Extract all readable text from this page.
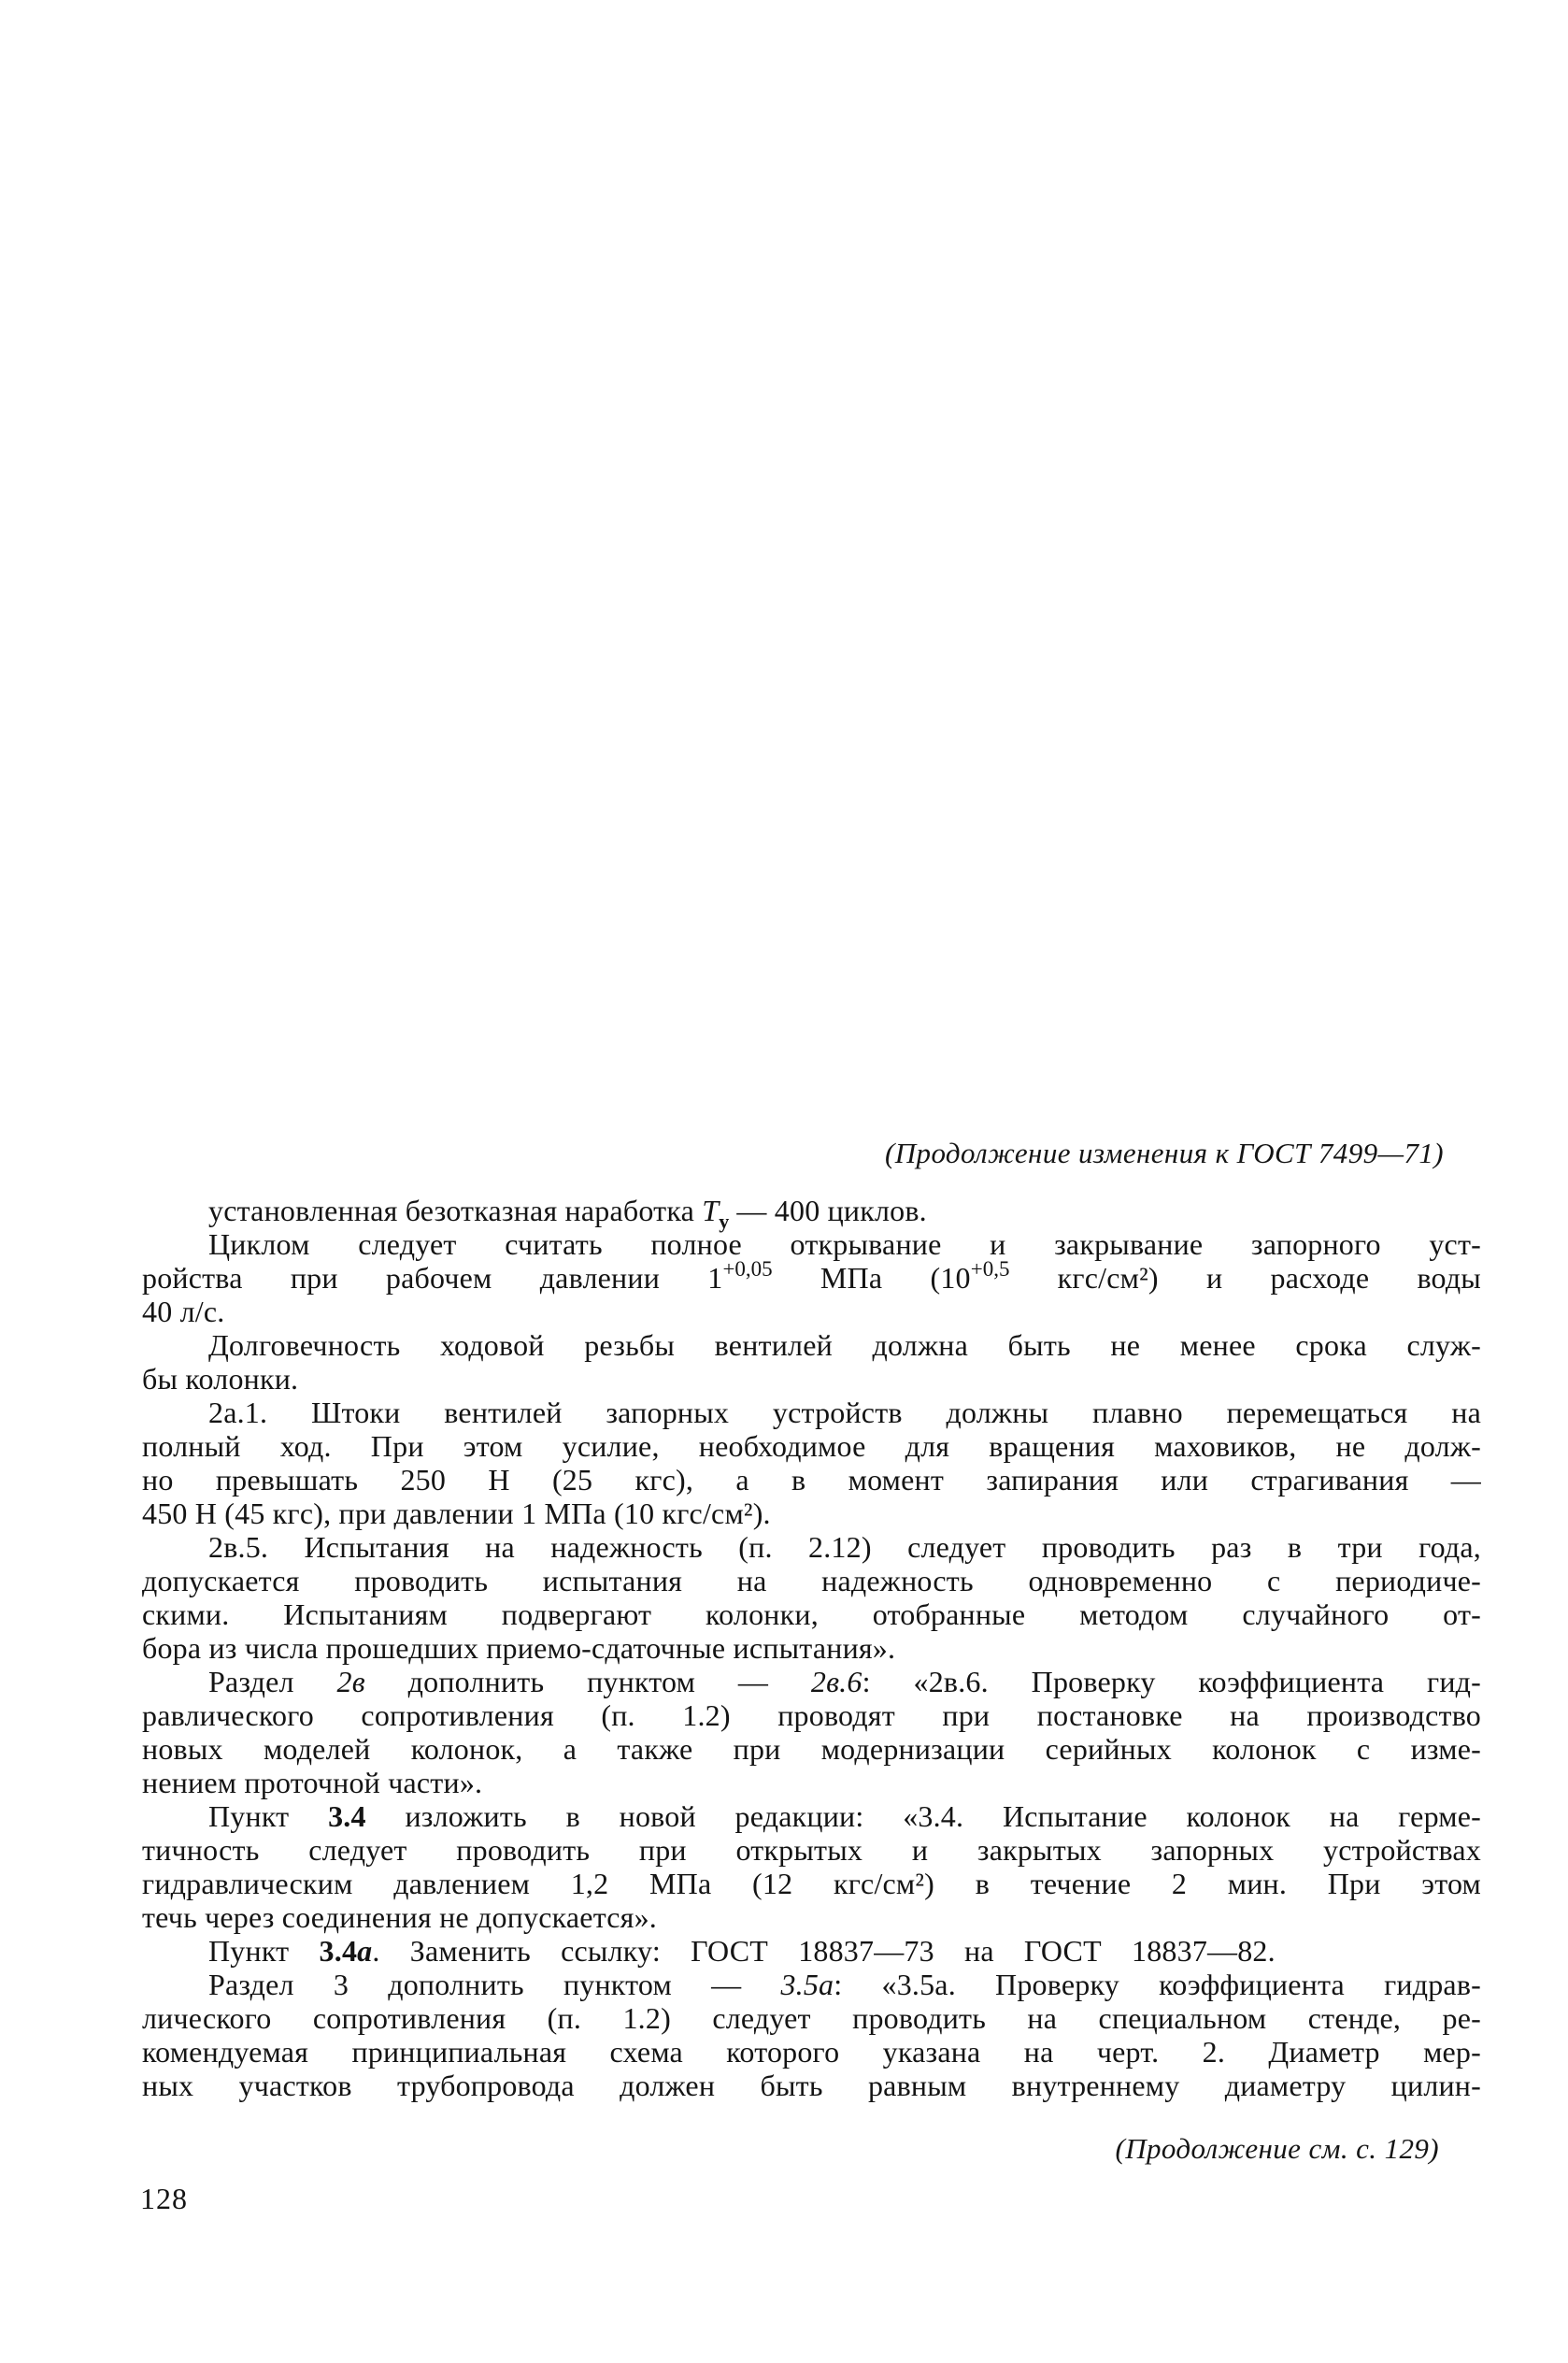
(Продолжение изменения к ГОСТ 7499—71)
установленная безотказная наработка Ту — 400 циклов.
Циклом следует считать полное открывание и закрывание запорного уст-
ройства при рабочем давлении 1+0,05 МПа (10+0,5 кгс/см²) и расходе воды
40 л/с.
Долговечность ходовой резьбы вентилей должна быть не менее срока служ-
бы колонки.
2а.1. Штоки вентилей запорных устройств должны плавно перемещаться на
полный ход. При этом усилие, необходимое для вращения маховиков, не долж-
но превышать 250 Н (25 кгс), а в момент запирания или страгивания —
450 Н (45 кгс), при давлении 1 МПа (10 кгс/см²).
2в.5. Испытания на надежность (п. 2.12) следует проводить раз в три года,
допускается проводить испытания на надежность одновременно с периодиче-
скими. Испытаниям подвергают колонки, отобранные методом случайного от-
бора из числа прошедших приемо-сдаточные испытания».
Раздел 2в дополнить пунктом — 2в.6: «2в.6. Проверку коэффициента гид-
равлического сопротивления (п. 1.2) проводят при постановке на производство
новых моделей колонок, а также при модернизации серийных колонок с изме-
нением проточной части».
Пункт 3.4 изложить в новой редакции: «3.4. Испытание колонок на герме-
тичность следует проводить при открытых и закрытых запорных устройствах
гидравлическим давлением 1,2 МПа (12 кгс/см²) в течение 2 мин. При этом
течь через соединения не допускается».
Пункт 3.4а. Заменить ссылку: ГОСТ 18837—73 на ГОСТ 18837—82.
Раздел 3 дополнить пунктом — 3.5а: «3.5а. Проверку коэффициента гидрав-
лического сопротивления (п. 1.2) следует проводить на специальном стенде, ре-
комендуемая принципиальная схема которого указана на черт. 2. Диаметр мер-
ных участков трубопровода должен быть равным внутреннему диаметру цилин-
(Продолжение см. с. 129)
128
